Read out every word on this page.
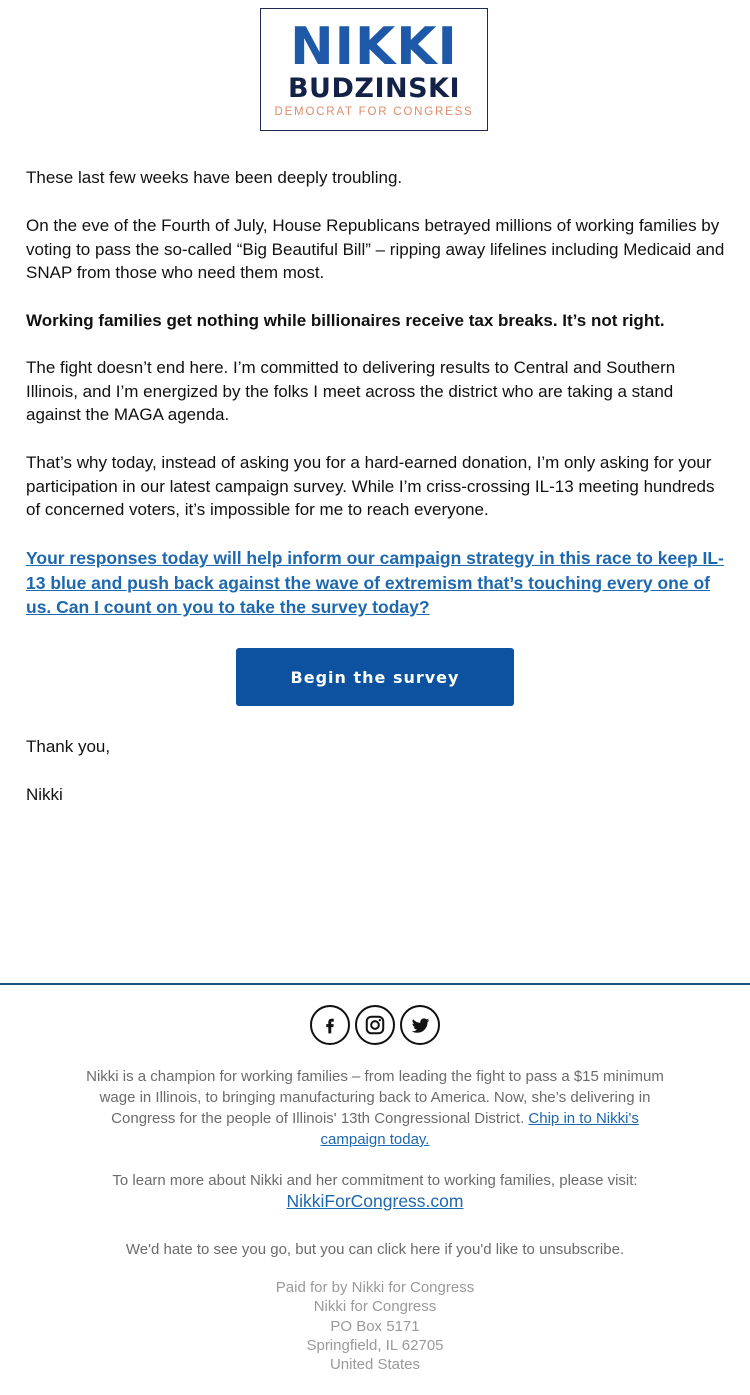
NIKKI
BUDZINSKI
DEMOCRAT FOR CONGRESS

These last few weeks have been deeply troubling.

On the eve of the Fourth of July, House Republicans betrayed millions of working families by voting to pass the so-called “Big Beautiful Bill” – ripping away lifelines including Medicaid and SNAP from those who need them most.

Working families get nothing while billionaires receive tax breaks. It’s not right.

The fight doesn’t end here. I’m committed to delivering results to Central and Southern Illinois, and I’m energized by the folks I meet across the district who are taking a stand against the MAGA agenda.

That’s why today, instead of asking you for a hard-earned donation, I’m only asking for your participation in our latest campaign survey. While I’m criss-crossing IL-13 meeting hundreds of concerned voters, it’s impossible for me to reach everyone.

Your responses today will help inform our campaign strategy in this race to keep IL-13 blue and push back against the wave of extremism that’s touching every one of us. Can I count on you to take the survey today?

Begin the survey

Thank you,

Nikki

Nikki is a champion for working families – from leading the fight to pass a $15 minimum wage in Illinois, to bringing manufacturing back to America. Now, she’s delivering in Congress for the people of Illinois' 13th Congressional District. Chip in to Nikki's campaign today.

To learn more about Nikki and her commitment to working families, please visit:
NikkiForCongress.com

We'd hate to see you go, but you can click here if you'd like to unsubscribe.

Paid for by Nikki for Congress
Nikki for Congress
PO Box 5171
Springfield, IL 62705
United States
